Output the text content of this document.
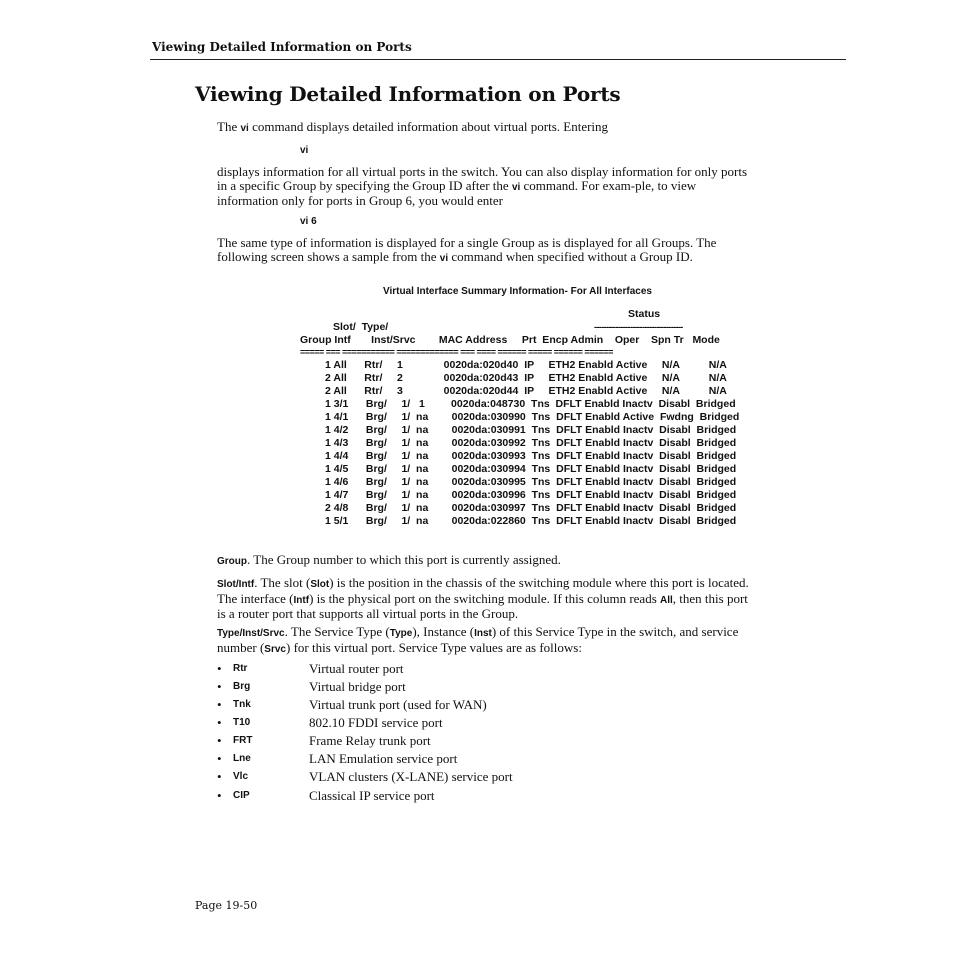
Viewing Detailed Information on Ports
Viewing Detailed Information on Ports
The vi command displays detailed information about virtual ports. Entering
vi
displays information for all virtual ports in the switch. You can also display information for only ports in a specific Group by specifying the Group ID after the vi command. For exam-ple, to view information only for ports in Group 6, you would enter
vi 6
The same type of information is displayed for a single Group as is displayed for all Groups. The following screen shows a sample from the vi command when specified without a Group ID.
Virtual Interface Summary Information- For All Interfaces
Status
Slot/  Type/	-------------------------------------
Group Intf       Inst/Srvc        MAC Address     Prt  Encp Admin    Oper    Spn Tr   Mode
===== === =========== ============= === ==== ====== ===== ====== ======
1 All      Rtr/     1              0020da:020d40  IP     ETH2 Enabld Active     N/A          N/A
2 All      Rtr/     2              0020da:020d43  IP     ETH2 Enabld Active     N/A          N/A
2 All      Rtr/     3              0020da:020d44  IP     ETH2 Enabld Active     N/A          N/A
1 3/1      Brg/     1/   1         0020da:048730  Tns  DFLT Enabld Inactv  Disabl  Bridged
1 4/1      Brg/     1/  na        0020da:030990  Tns  DFLT Enabld Active  Fwdng  Bridged
1 4/2      Brg/     1/  na        0020da:030991  Tns  DFLT Enabld Inactv  Disabl  Bridged
1 4/3      Brg/     1/  na        0020da:030992  Tns  DFLT Enabld Inactv  Disabl  Bridged
1 4/4      Brg/     1/  na        0020da:030993  Tns  DFLT Enabld Inactv  Disabl  Bridged
1 4/5      Brg/     1/  na        0020da:030994  Tns  DFLT Enabld Inactv  Disabl  Bridged
1 4/6      Brg/     1/  na        0020da:030995  Tns  DFLT Enabld Inactv  Disabl  Bridged
1 4/7      Brg/     1/  na        0020da:030996  Tns  DFLT Enabld Inactv  Disabl  Bridged
2 4/8      Brg/     1/  na        0020da:030997  Tns  DFLT Enabld Inactv  Disabl  Bridged
1 5/1      Brg/     1/  na        0020da:022860  Tns  DFLT Enabld Inactv  Disabl  Bridged
Group. The Group number to which this port is currently assigned.
Slot/Intf. The slot (Slot) is the position in the chassis of the switching module where this port is located. The interface (Intf) is the physical port on the switching module. If this column reads All, then this port is a router port that supports all virtual ports in the Group.
Type/Inst/Srvc. The Service Type (Type), Instance (Inst) of this Service Type in the switch, and service number (Srvc) for this virtual port. Service Type values are as follows:
• Rtr	Virtual router port
• Brg	Virtual bridge port
• Tnk	Virtual trunk port (used for WAN)
• T10	802.10 FDDI service port
• FRT	Frame Relay trunk port
• Lne	LAN Emulation service port
• Vlc	VLAN clusters (X-LANE) service port
• CIP	Classical IP service port
Page 19-50
